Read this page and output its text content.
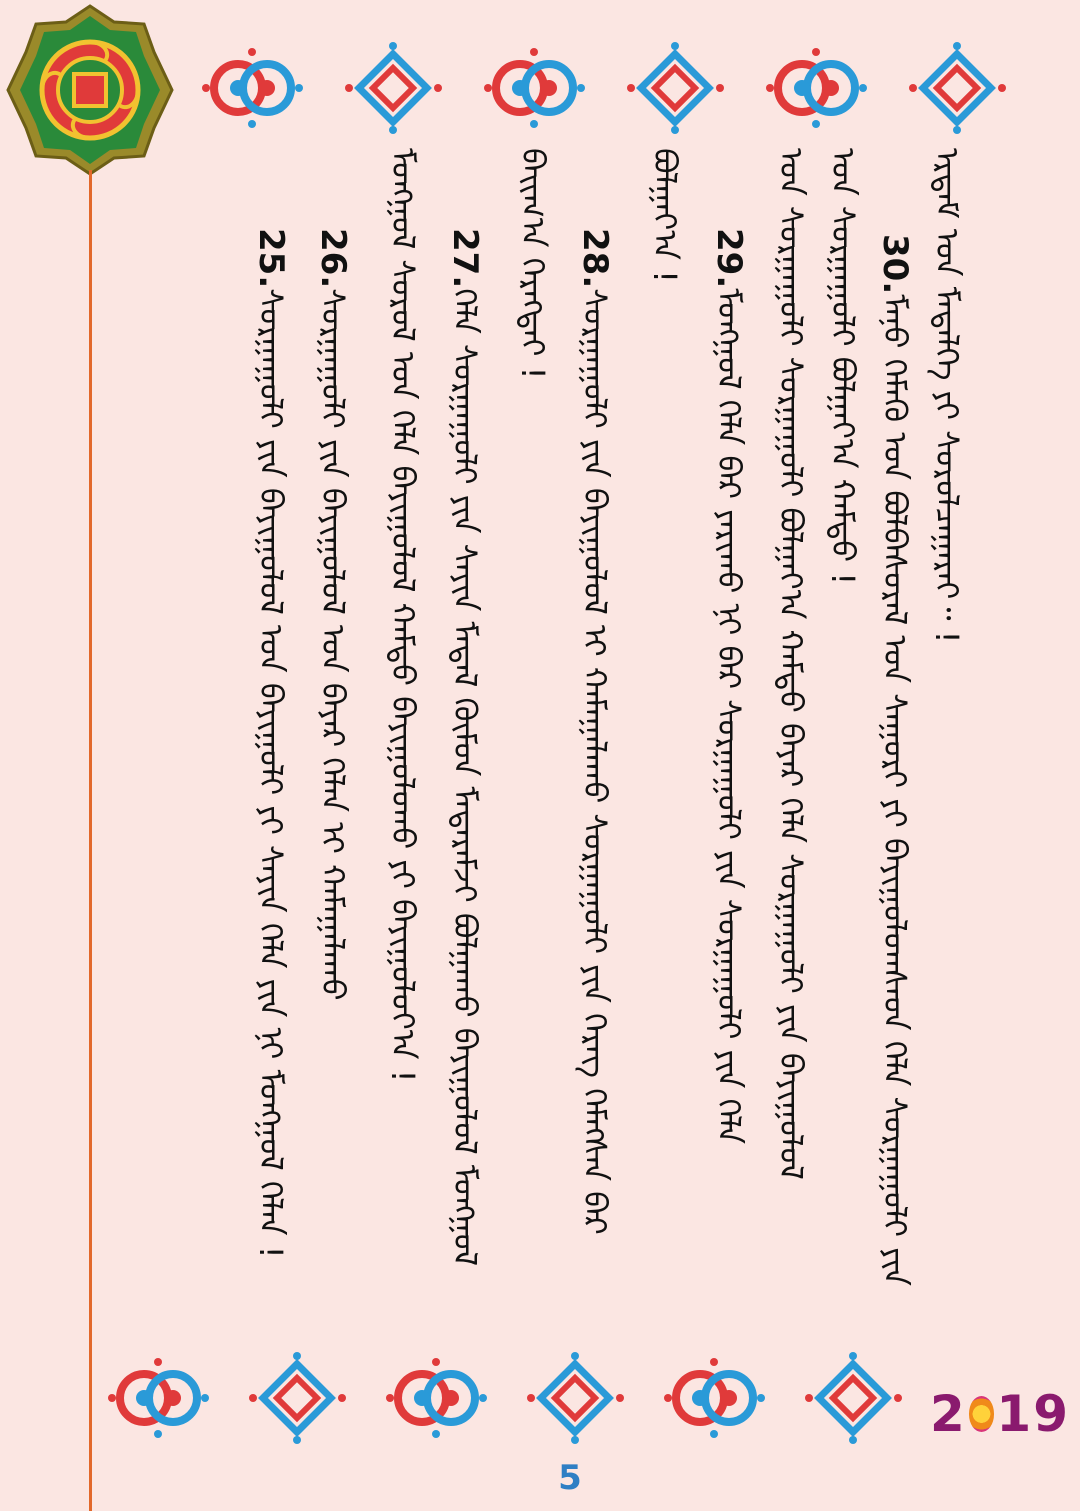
ᠡᠷᠳᠡᠮ ᠤᠨ ᠮᠡᠳᠡᠯᠭᠡ ᠶᠢ ᠰᠤᠷᠤᠯᠴᠠᠭᠠᠷᠠᠢ᠃ !
30.ᠮᠠᠨᠤ ᠬᠡᠮᠡᠬᠦ ᠤᠨ ᠪᠣᠯᠪᠠᠰᠤᠷᠠᠯ ᠤᠨ ᠰᠠᠭᠤᠷᠢ ᠶᠢ ᠪᠠᠶᠢᠭᠤᠯᠤᠭᠰᠠᠳ ᠬᠡᠯᠡ ᠰᠤᠷᠭᠠᠭᠤᠯᠢ ᠶᠢᠨ
ᠤᠨ ᠰᠤᠷᠭᠠᠭᠤᠯᠢ ᠪᠣᠯᠭᠠᠶ᠎ᠠ ᠬᠠᠮᠲᠤ !
ᠤᠨ ᠰᠤᠷᠭᠠᠭᠤᠯᠢ ᠰᠤᠷᠭᠠᠭᠤᠯᠢ ᠪᠣᠯᠭᠠᠶ᠎ᠠ ᠬᠠᠮᠲᠤ ᠪᠠᠶᠠᠷ ᠬᠡᠯᠡ ᠰᠤᠷᠭᠠᠭᠤᠯᠢ ᠶᠢᠨ ᠪᠠᠶᠢᠭᠤᠯᠤᠯ
29.ᠮᠣᠩᠭᠣᠯ ᠬᠡᠯᠡ ᠪᠡᠷ ᠶᠠᠷᠢᠬᠤ ᠨᠢ ᠪᠡᠷ ᠰᠤᠷᠭᠠᠭᠤᠯᠢ ᠶᠢᠨ ᠰᠤᠷᠭᠠᠭᠤᠯᠢ ᠶᠢᠨ ᠬᠡᠯᠡ
ᠪᠣᠯᠭᠠᠶ᠎ᠠ !
28.ᠰᠤᠷᠭᠠᠭᠤᠯᠢ ᠶᠢᠨ ᠪᠠᠶᠢᠭᠤᠯᠤᠯ ᠢ ᠬᠠᠮᠠᠭᠠᠯᠠᠬᠤ ᠰᠤᠷᠭᠠᠭᠤᠯᠢ ᠶᠢᠨ ᠬᠡᠷᠡᠭ ᠬᠡᠮᠡᠭᠰᠡᠨ ᠪᠡᠷ
ᠪᠠᠢᠭ᠎ᠠ ᠬᠡᠷᠡᠭᠲᠡᠢ !
27.ᠬᠡᠯᠡ ᠰᠤᠷᠭᠠᠭᠤᠯᠢ ᠶᠢᠨ ᠰᠠᠶᠢᠨ ᠮᠡᠳᠡᠯ ᠬᠦᠮᠦᠨ ᠮᠡᠳᠡᠷᠡᠮᠵᠢ ᠪᠣᠯᠭᠠᠬᠤ ᠪᠠᠶᠢᠭᠤᠯᠤᠯ ᠮᠣᠩᠭᠣᠯ
ᠮᠣᠩᠭᠣᠯ ᠰᠤᠷᠤᠯ ᠤᠨ ᠬᠡᠯᠡ ᠪᠠᠶᠢᠭᠤᠯᠤᠯ ᠬᠠᠮᠲᠤ ᠪᠠᠶᠢᠭᠤᠯᠤᠬᠤ ᠶᠢ ᠪᠠᠶᠢᠭᠤᠯᠤᠶ᠎ᠠ !
26.ᠰᠤᠷᠭᠠᠭᠤᠯᠢ ᠶᠢᠨ ᠪᠠᠶᠢᠭᠤᠯᠤᠯ ᠤᠨ ᠪᠠᠶᠠᠷ ᠬᠡᠯᠡᠨ ᠢ ᠬᠠᠮᠠᠭᠠᠯᠠᠬᠤ
25.ᠰᠤᠷᠭᠠᠭᠤᠯᠢ ᠶᠢᠨ ᠪᠠᠶᠢᠭᠤᠯᠤᠯ ᠤᠨ ᠪᠠᠶᠢᠭᠤᠯᠢ ᠶᠢ ᠰᠠᠶᠢᠨ ᠬᠡᠯᠡ ᠶᠢᠨ ᠨᠢ ᠮᠣᠩᠭᠣᠯ ᠬᠡᠯᠡᠨ !
2 19
5
